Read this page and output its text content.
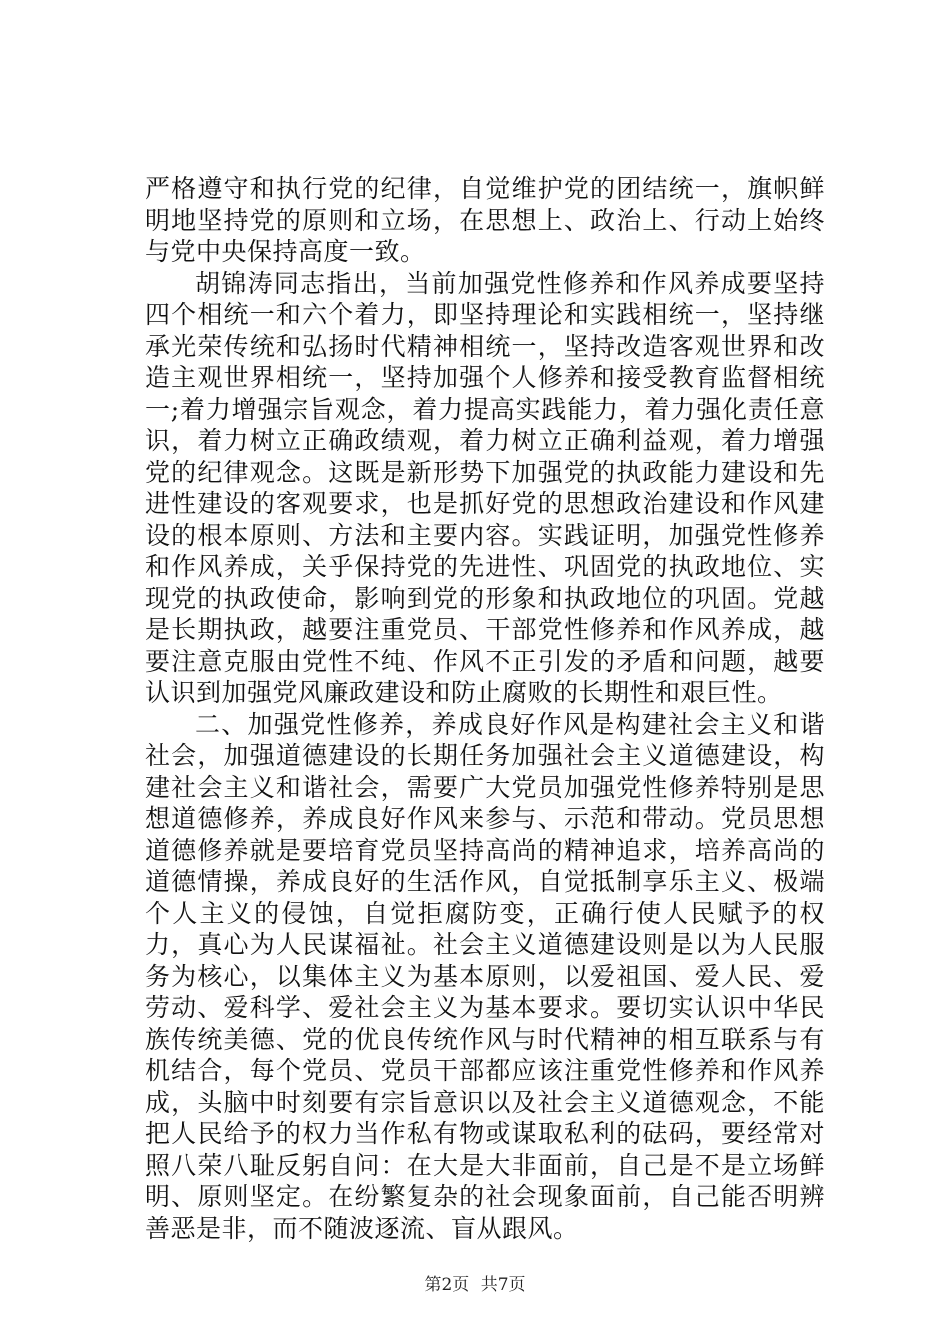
严格遵守和执行党的纪律，自觉维护党的团结统一，旗帜鲜明地坚持党的原则和立场，在思想上、政治上、行动上始终与党中央保持高度一致。

胡锦涛同志指出，当前加强党性修养和作风养成要坚持四个相统一和六个着力，即坚持理论和实践相统一，坚持继承光荣传统和弘扬时代精神相统一，坚持改造客观世界和改造主观世界相统一，坚持加强个人修养和接受教育监督相统一;着力增强宗旨观念，着力提高实践能力，着力强化责任意识，着力树立正确政绩观，着力树立正确利益观，着力增强党的纪律观念。这既是新形势下加强党的执政能力建设和先进性建设的客观要求，也是抓好党的思想政治建设和作风建设的根本原则、方法和主要内容。实践证明，加强党性修养和作风养成，关乎保持党的先进性、巩固党的执政地位、实现党的执政使命，影响到党的形象和执政地位的巩固。党越是长期执政，越要注重党员、干部党性修养和作风养成，越要注意克服由党性不纯、作风不正引发的矛盾和问题，越要认识到加强党风廉政建设和防止腐败的长期性和艰巨性。

二、加强党性修养，养成良好作风是构建社会主义和谐社会，加强道德建设的长期任务加强社会主义道德建设，构建社会主义和谐社会，需要广大党员加强党性修养特别是思想道德修养，养成良好作风来参与、示范和带动。党员思想道德修养就是要培育党员坚持高尚的精神追求，培养高尚的道德情操，养成良好的生活作风，自觉抵制享乐主义、极端个人主义的侵蚀，自觉拒腐防变，正确行使人民赋予的权力，真心为人民谋福祉。社会主义道德建设则是以为人民服务为核心，以集体主义为基本原则，以爱祖国、爱人民、爱劳动、爱科学、爱社会主义为基本要求。要切实认识中华民族传统美德、党的优良传统作风与时代精神的相互联系与有机结合，每个党员、党员干部都应该注重党性修养和作风养成，头脑中时刻要有宗旨意识以及社会主义道德观念，不能把人民给予的权力当作私有物或谋取私利的砝码，要经常对照八荣八耻反躬自问：在大是大非面前，自己是不是立场鲜明、原则坚定。在纷繁复杂的社会现象面前，自己能否明辨善恶是非，而不随波逐流、盲从跟风。

第2页 共7页
